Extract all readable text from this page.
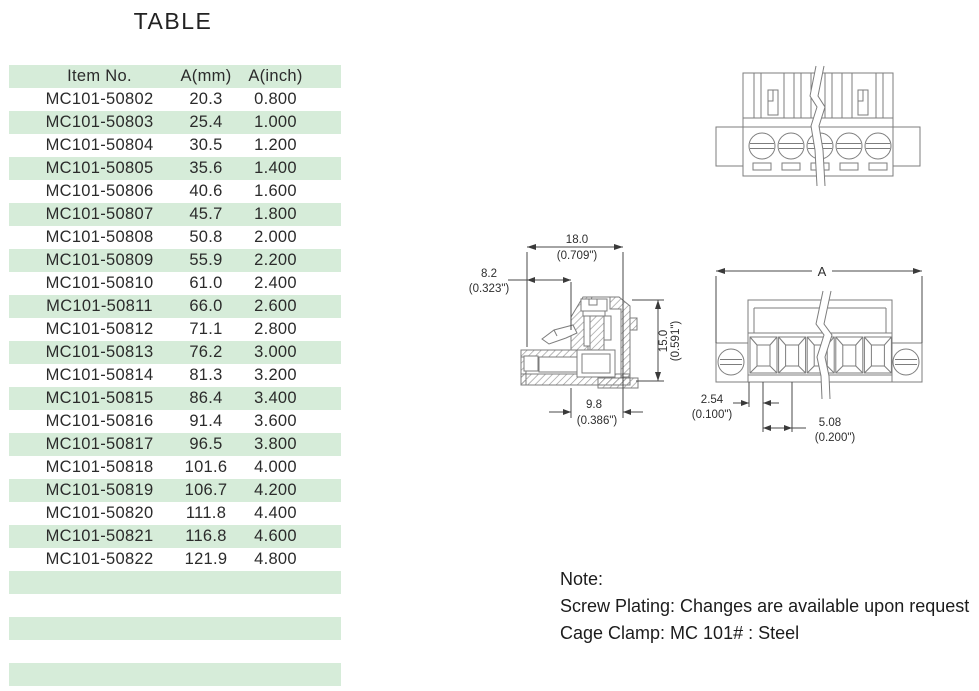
TABLE
Item No.	A(mm)	A(inch)
MC101-50802	20.3	0.800
MC101-50803	25.4	1.000
MC101-50804	30.5	1.200
MC101-50805	35.6	1.400
MC101-50806	40.6	1.600
MC101-50807	45.7	1.800
MC101-50808	50.8	2.000
MC101-50809	55.9	2.200
MC101-50810	61.0	2.400
MC101-50811	66.0	2.600
MC101-50812	71.1	2.800
MC101-50813	76.2	3.000
MC101-50814	81.3	3.200
MC101-50815	86.4	3.400
MC101-50816	91.4	3.600
MC101-50817	96.5	3.800
MC101-50818	101.6	4.000
MC101-50819	106.7	4.200
MC101-50820	111.8	4.400
MC101-50821	116.8	4.600
MC101-50822	121.9	4.800

18.0
(0.709")
8.2
(0.323")
15.0 (0.591")
9.8
(0.386")
A
2.54
(0.100")
5.08
(0.200")
Note:
Screw Plating: Changes are available upon request
Cage Clamp: MC 101# : Steel
